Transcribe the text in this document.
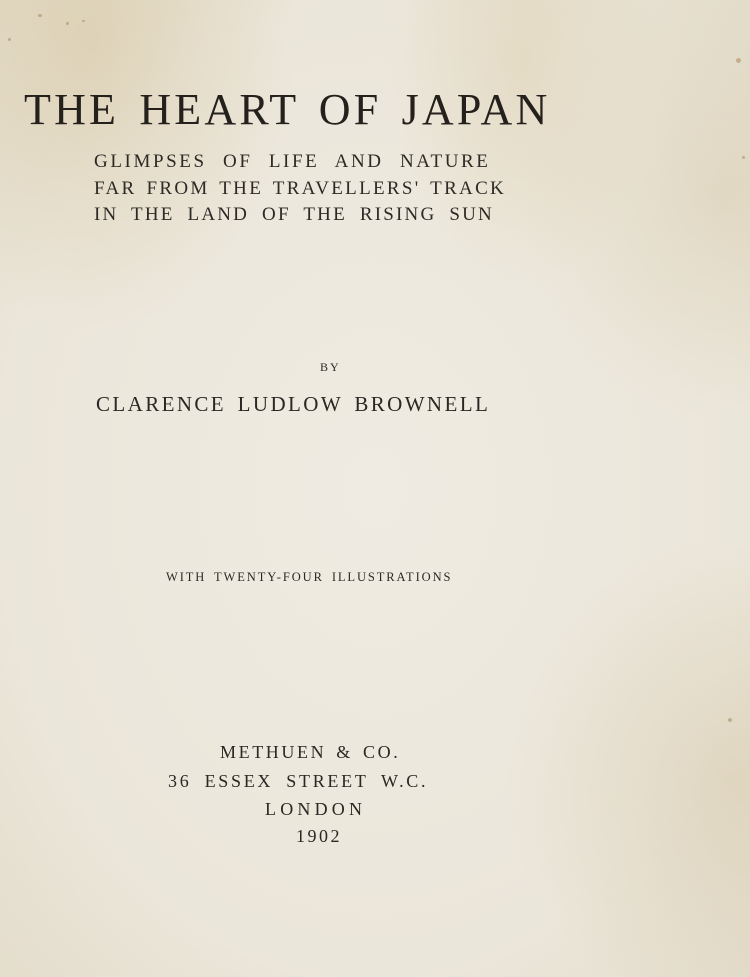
THE HEART OF JAPAN
GLIMPSES OF LIFE AND NATURE
FAR FROM THE TRAVELLERS' TRACK
IN THE LAND OF THE RISING SUN
BY
CLARENCE LUDLOW BROWNELL
WITH TWENTY-FOUR ILLUSTRATIONS
METHUEN & CO.
36 ESSEX STREET W.C.
LONDON
1902
